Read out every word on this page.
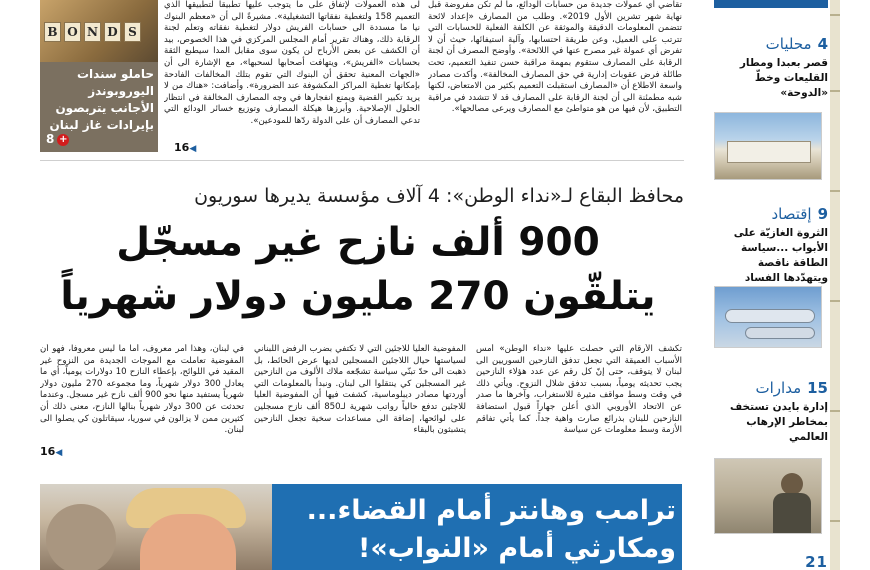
B O N D S
حاملو سندات اليوروبوندز الأجانب يتربصون بإيرادات غاز لبنان
8 +
لى هذه العمولات لإتفاق على ما يتوجب عليها تطبيقاً لتطبيقها الذي التعميم 158 ولتغطية نفقاتها التشغيلية». مشيرةً الى أن «معظم البنوك نيا ما مسددة الى حسابات الفريش دولار لتغطية نفقاته وتعلم لجنة الرقابة ذلك، وهناك تقرير أمام المجلس المركزي في هذا الخصوص، بيد أن الكشف عن بعض الأرباح لن يكون سوى مقابل المدا سيطبع الثقة بحسابات «الفريش»، ويتهافت أصحابها لسحبها»، مع الإشارة الى أن «الجهات المعنية تحقق أن البنوك التي تقوم بتلك المخالفات الفادحة بإمكانها تغطية المراكز المكشوفة عند الضرورة». وأضافت: «هناك من لا يريد تكبير القضية ويمنع انفجارها في وجه المصارف المخالفة في انتظار الحلول الإصلاحية. وأبرزها هيكلة المصارف وتوزيع خسائر الودائع التي تدعي المصارف أن على الدولة ردّها للمودعين».
تقاضي أي عمولات جديدة من حسابات الودائع، ما لم تكن مفروضة قبل نهاية شهر تشرين الأول 2019». وطلب من المصارف «إعداد لائحة تتضمن المعلومات الدقيقة والموثقة عن الكلفة الفعلية للحسابات التي تترتب على العميل، وعن طريقة احتسابها، وآلية استيفائها، حيث أن لا تفرض أي عمولة غير مصرح عنها في اللائحة». وأوضح المصرف أن لجنة الرقابة على المصارف ستقوم بمهمة مراقبة حسن تنفيذ التعميم، تحت طائلة فرض عقوبات إدارية في حق المصارف المخالفة». وأكدت مصادر واسعة الاطلاع أن «المصارف استقبلت التعميم بكثير من الامتعاض، لكنها شبه مطمئنة الى أن لجنة الرقابة على المصارف قد لا تتشدد في مراقبة التطبيق، لأن فيها من هو متواطئ مع المصارف ويرعى مصالحها».
16◀
محافظ البقاع لـ«نداء الوطن»: 4 آلاف مؤسسة يديرها سوريون
900 ألف نازح غير مسجّل
يتلقّون 270 مليون دولار شهرياً
في لبنان، وهذا أمر معروف، أما ما ليس معروفاً، فهو أن المفوضية تعاملت مع الموجات الجديدة من النزوح غير المقيد في اللوائح، بإعطاء النازح 10 دولارات يومياً، أي ما يعادل 300 دولار شهرياً، وما مجموعه 270 مليون دولار شهرياً يستفيد منها نحو 900 ألف نازح غير مسجل. وعندما تحدثت عن 300 دولار شهرياً بنالها النازح، معنى ذلك أن كثيرين ممن لا يزالون في سوريا، سيقاتلون كي يصلوا الى لبنان.
المفوضية العليا للاجئين التي لا تكتفي بضرب الرفض اللبناني لسياستها حيال اللاجئين المسجلين لديها عرض الحائط، بل ذهبت الى حدّ تبنّي سياسة تشجّعه ملاك الألوف من النازحين غير المسجلين كي ينتقلوا الى لبنان. ونبدأ بالمعلومات التي أوردتها مصادر ديبلوماسية، كشفت فيها أن المفوضية العليا للاجئين تدفع حالياً رواتب شهرية لـ850 ألف نازح مسجلين على لوائحها، إضافة الى مساعدات سخية تجعل النازحين يتشبثون بالبقاء
تكشف الأرقام التي حصلت عليها «نداء الوطن» أمس الأسباب العميقة التي تجعل تدفق النازحين السوريين الى لبنان لا يتوقف، حتى إنّ كل رقم عن عدد هؤلاء النازحين يجب تحديثه يومياً، بسبب تدفق شلال النزوح. ويأتي ذلك في وقت وسط مواقف مثيرة للاستغراب، وآخرها ما صدر عن الاتحاد الأوروبي الذي أعلن جهاراً قبول استضافة النازحين للبنان بذرائع صارت واهية جداً. كما يأتي تفاقم الأزمة وسط معلومات عن سياسة
16◀
ترامب وهانتر أمام القضاء...
ومكارثي أمام «النواب»!
4محليات
قصر بعبدا ومطار القليعات وخطّ «الدوحة»
9إقتصاد
الثروة الغازيّة على الأبواب ...سياسة الطاقة ناقصة ويتهدّدها الفساد
15مدارات
إدارة بايدن تستخف بمخاطر الإرهاب العالمي
21
